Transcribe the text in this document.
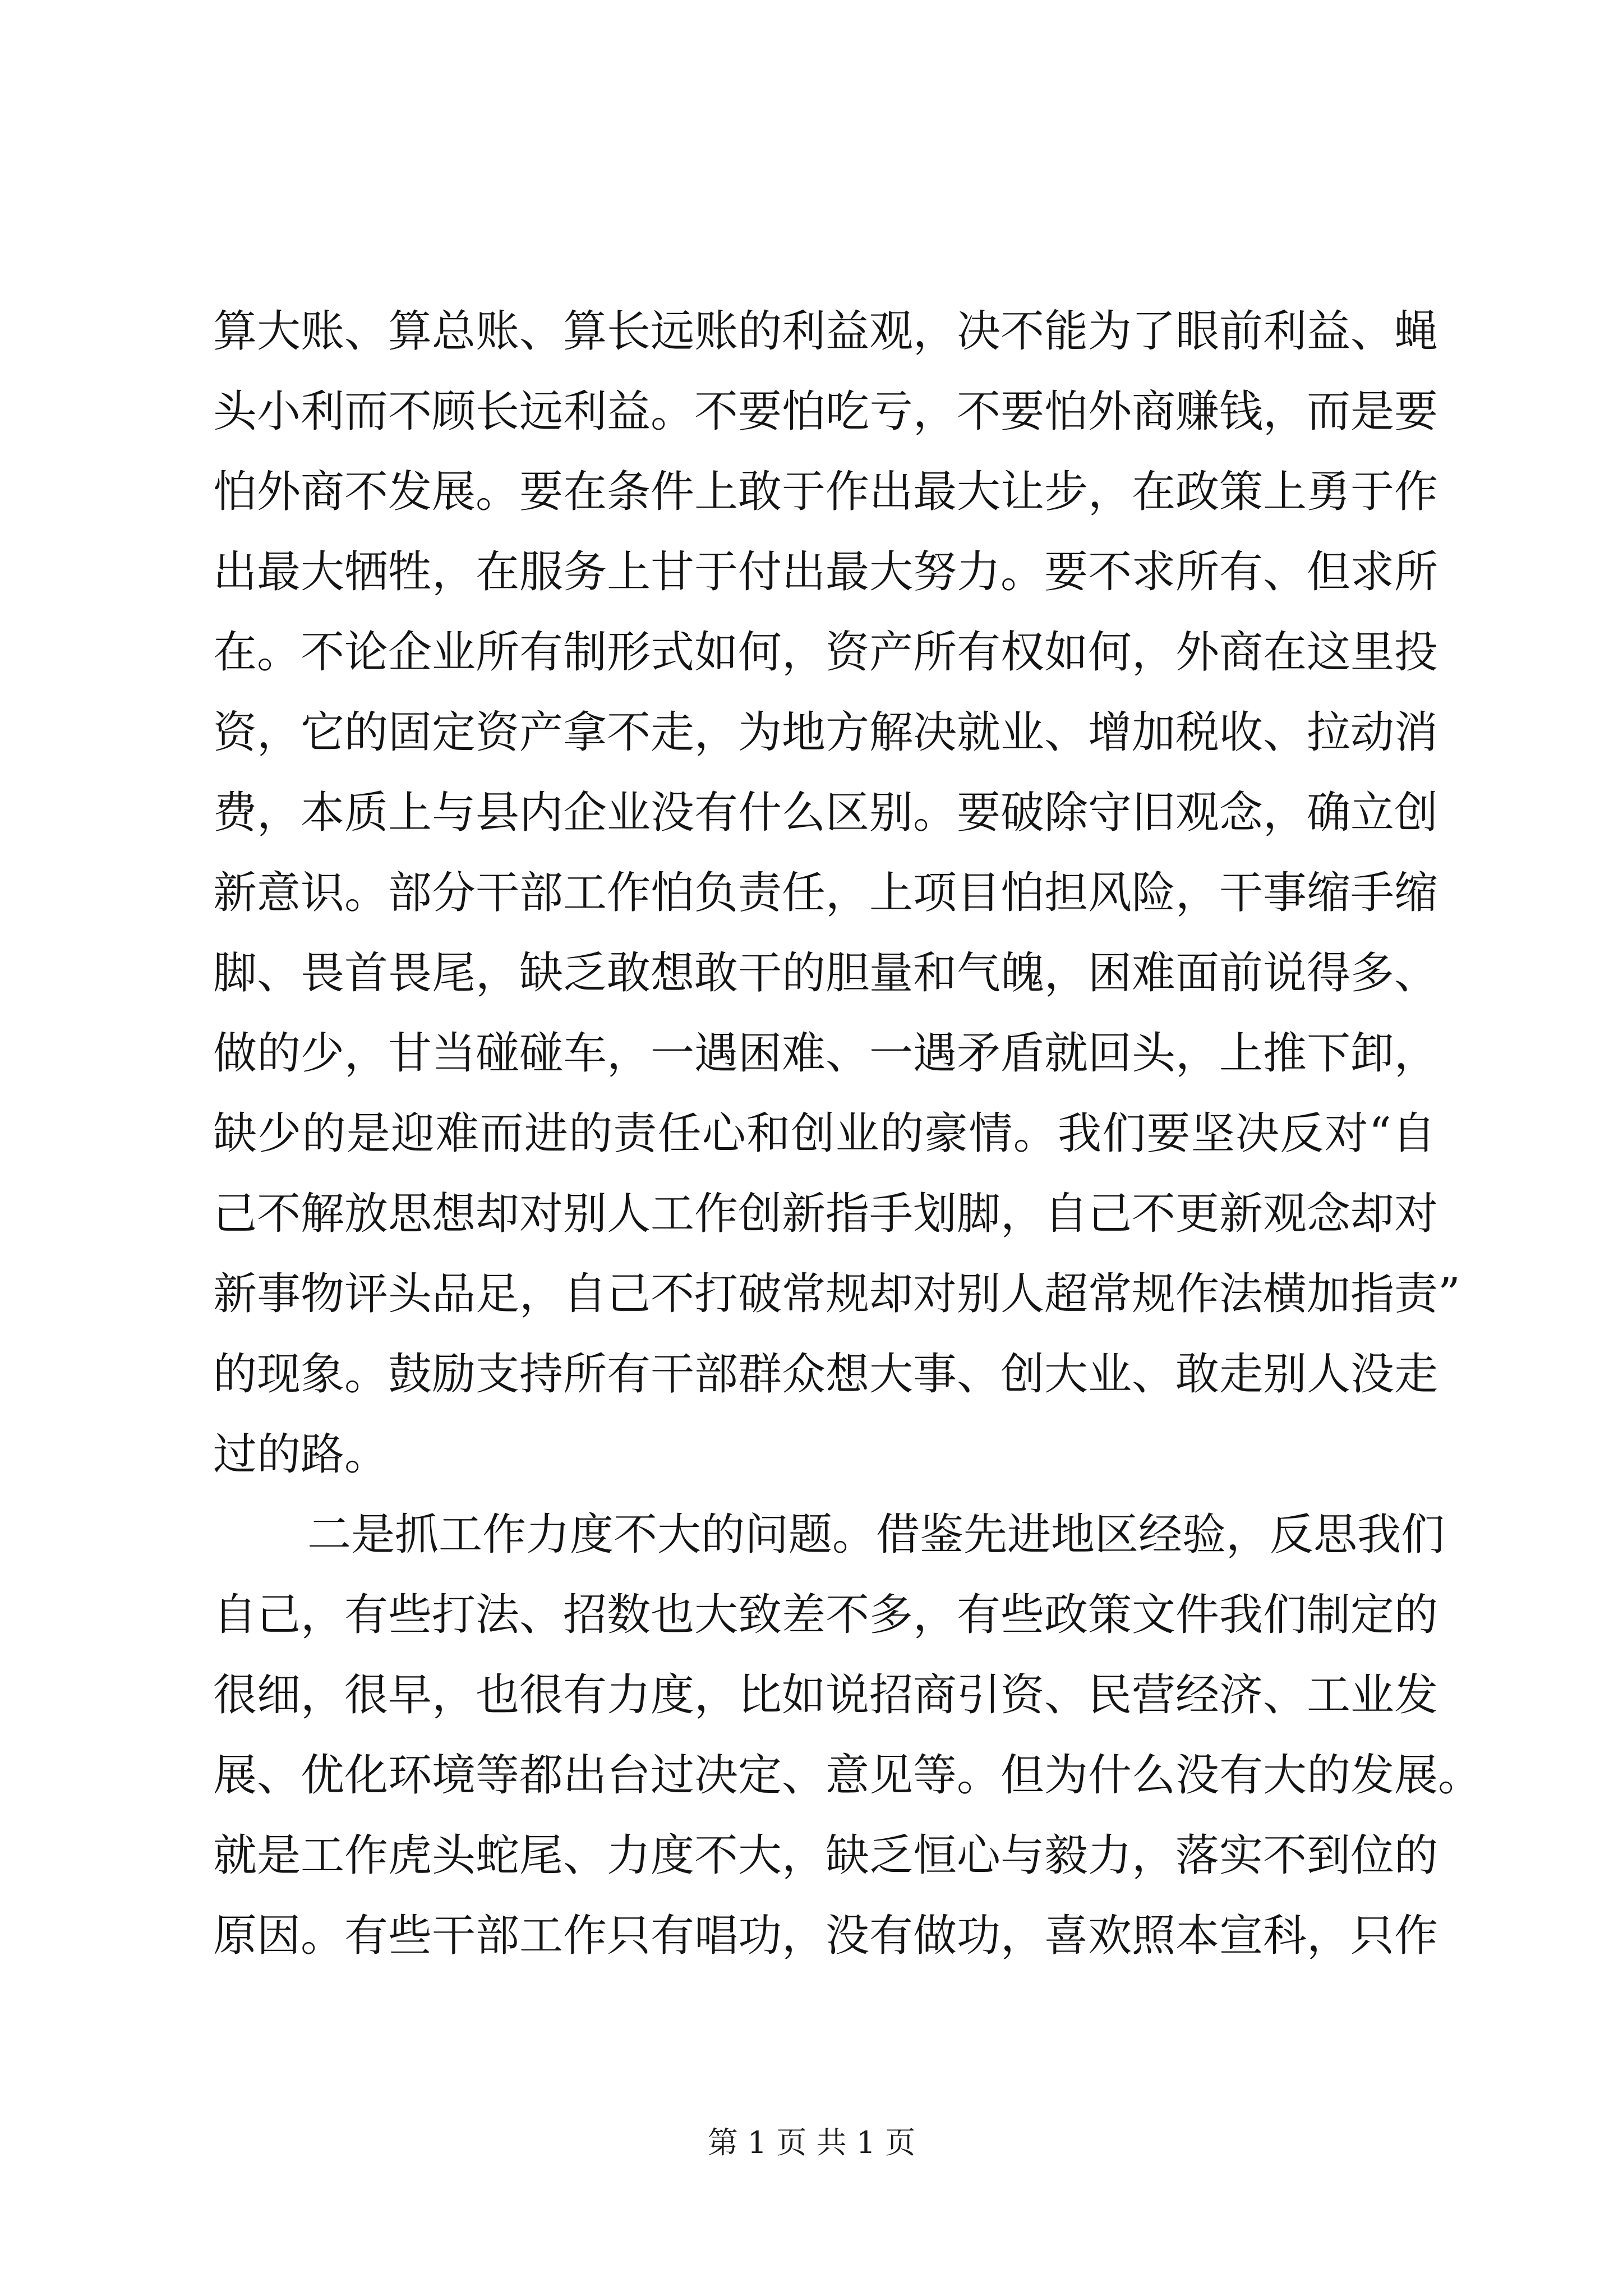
算大账、算总账、算长远账的利益观，决不能为了眼前利益、蝇
头小利而不顾长远利益。不要怕吃亏，不要怕外商赚钱，而是要
怕外商不发展。要在条件上敢于作出最大让步，在政策上勇于作
出最大牺牲，在服务上甘于付出最大努力。要不求所有、但求所
在。不论企业所有制形式如何，资产所有权如何，外商在这里投
资，它的固定资产拿不走，为地方解决就业、增加税收、拉动消
费，本质上与县内企业没有什么区别。要破除守旧观念，确立创
新意识。部分干部工作怕负责任，上项目怕担风险，干事缩手缩
脚、畏首畏尾，缺乏敢想敢干的胆量和气魄，困难面前说得多、
做的少，甘当碰碰车，一遇困难、一遇矛盾就回头，上推下卸，
缺少的是迎难而进的责任心和创业的豪情。我们要坚决反对“自
己不解放思想却对别人工作创新指手划脚，自己不更新观念却对
新事物评头品足，自己不打破常规却对别人超常规作法横加指责”
的现象。鼓励支持所有干部群众想大事、创大业、敢走别人没走
过的路。
二是抓工作力度不大的问题。借鉴先进地区经验，反思我们
自己，有些打法、招数也大致差不多，有些政策文件我们制定的
很细，很早，也很有力度，比如说招商引资、民营经济、工业发
展、优化环境等都出台过决定、意见等。但为什么没有大的发展。
就是工作虎头蛇尾、力度不大，缺乏恒心与毅力，落实不到位的
原因。有些干部工作只有唱功，没有做功，喜欢照本宣科，只作
第 1 页 共 1 页
